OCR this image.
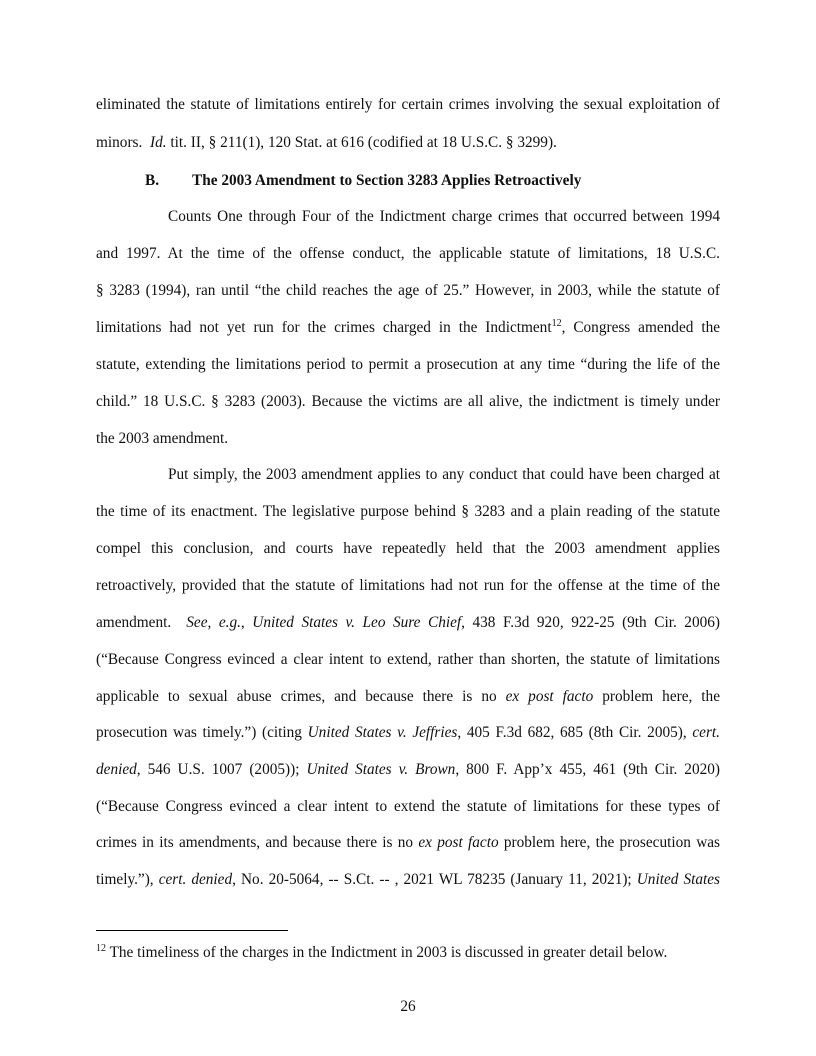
eliminated the statute of limitations entirely for certain crimes involving the sexual exploitation of
minors. Id. tit. II, § 211(1), 120 Stat. at 616 (codified at 18 U.S.C. § 3299).
B. The 2003 Amendment to Section 3283 Applies Retroactively
Counts One through Four of the Indictment charge crimes that occurred between 1994
and 1997. At the time of the offense conduct, the applicable statute of limitations, 18 U.S.C.
§ 3283 (1994), ran until “the child reaches the age of 25.” However, in 2003, while the statute of
limitations had not yet run for the crimes charged in the Indictment$^{12}$, Congress amended the
statute, extending the limitations period to permit a prosecution at any time “during the life of the
child.” 18 U.S.C. § 3283 (2003). Because the victims are all alive, the indictment is timely under
the 2003 amendment.
Put simply, the 2003 amendment applies to any conduct that could have been charged at
the time of its enactment. The legislative purpose behind § 3283 and a plain reading of the statute
compel this conclusion, and courts have repeatedly held that the 2003 amendment applies
retroactively, provided that the statute of limitations had not run for the offense at the time of the
amendment. See, e.g., United States v. Leo Sure Chief, 438 F.3d 920, 922-25 (9th Cir. 2006)
(“Because Congress evinced a clear intent to extend, rather than shorten, the statute of limitations
applicable to sexual abuse crimes, and because there is no ex post facto problem here, the
prosecution was timely.”) (citing United States v. Jeffries, 405 F.3d 682, 685 (8th Cir. 2005), cert.
denied, 546 U.S. 1007 (2005)); United States v. Brown, 800 F. App’x 455, 461 (9th Cir. 2020)
(“Because Congress evinced a clear intent to extend the statute of limitations for these types of
crimes in its amendments, and because there is no ex post facto problem here, the prosecution was
timely.”), cert. denied, No. 20-5064, -- S.Ct. -- , 2021 WL 78235 (January 11, 2021); United States
$^{12}$ The timeliness of the charges in the Indictment in 2003 is discussed in greater detail below.
26
